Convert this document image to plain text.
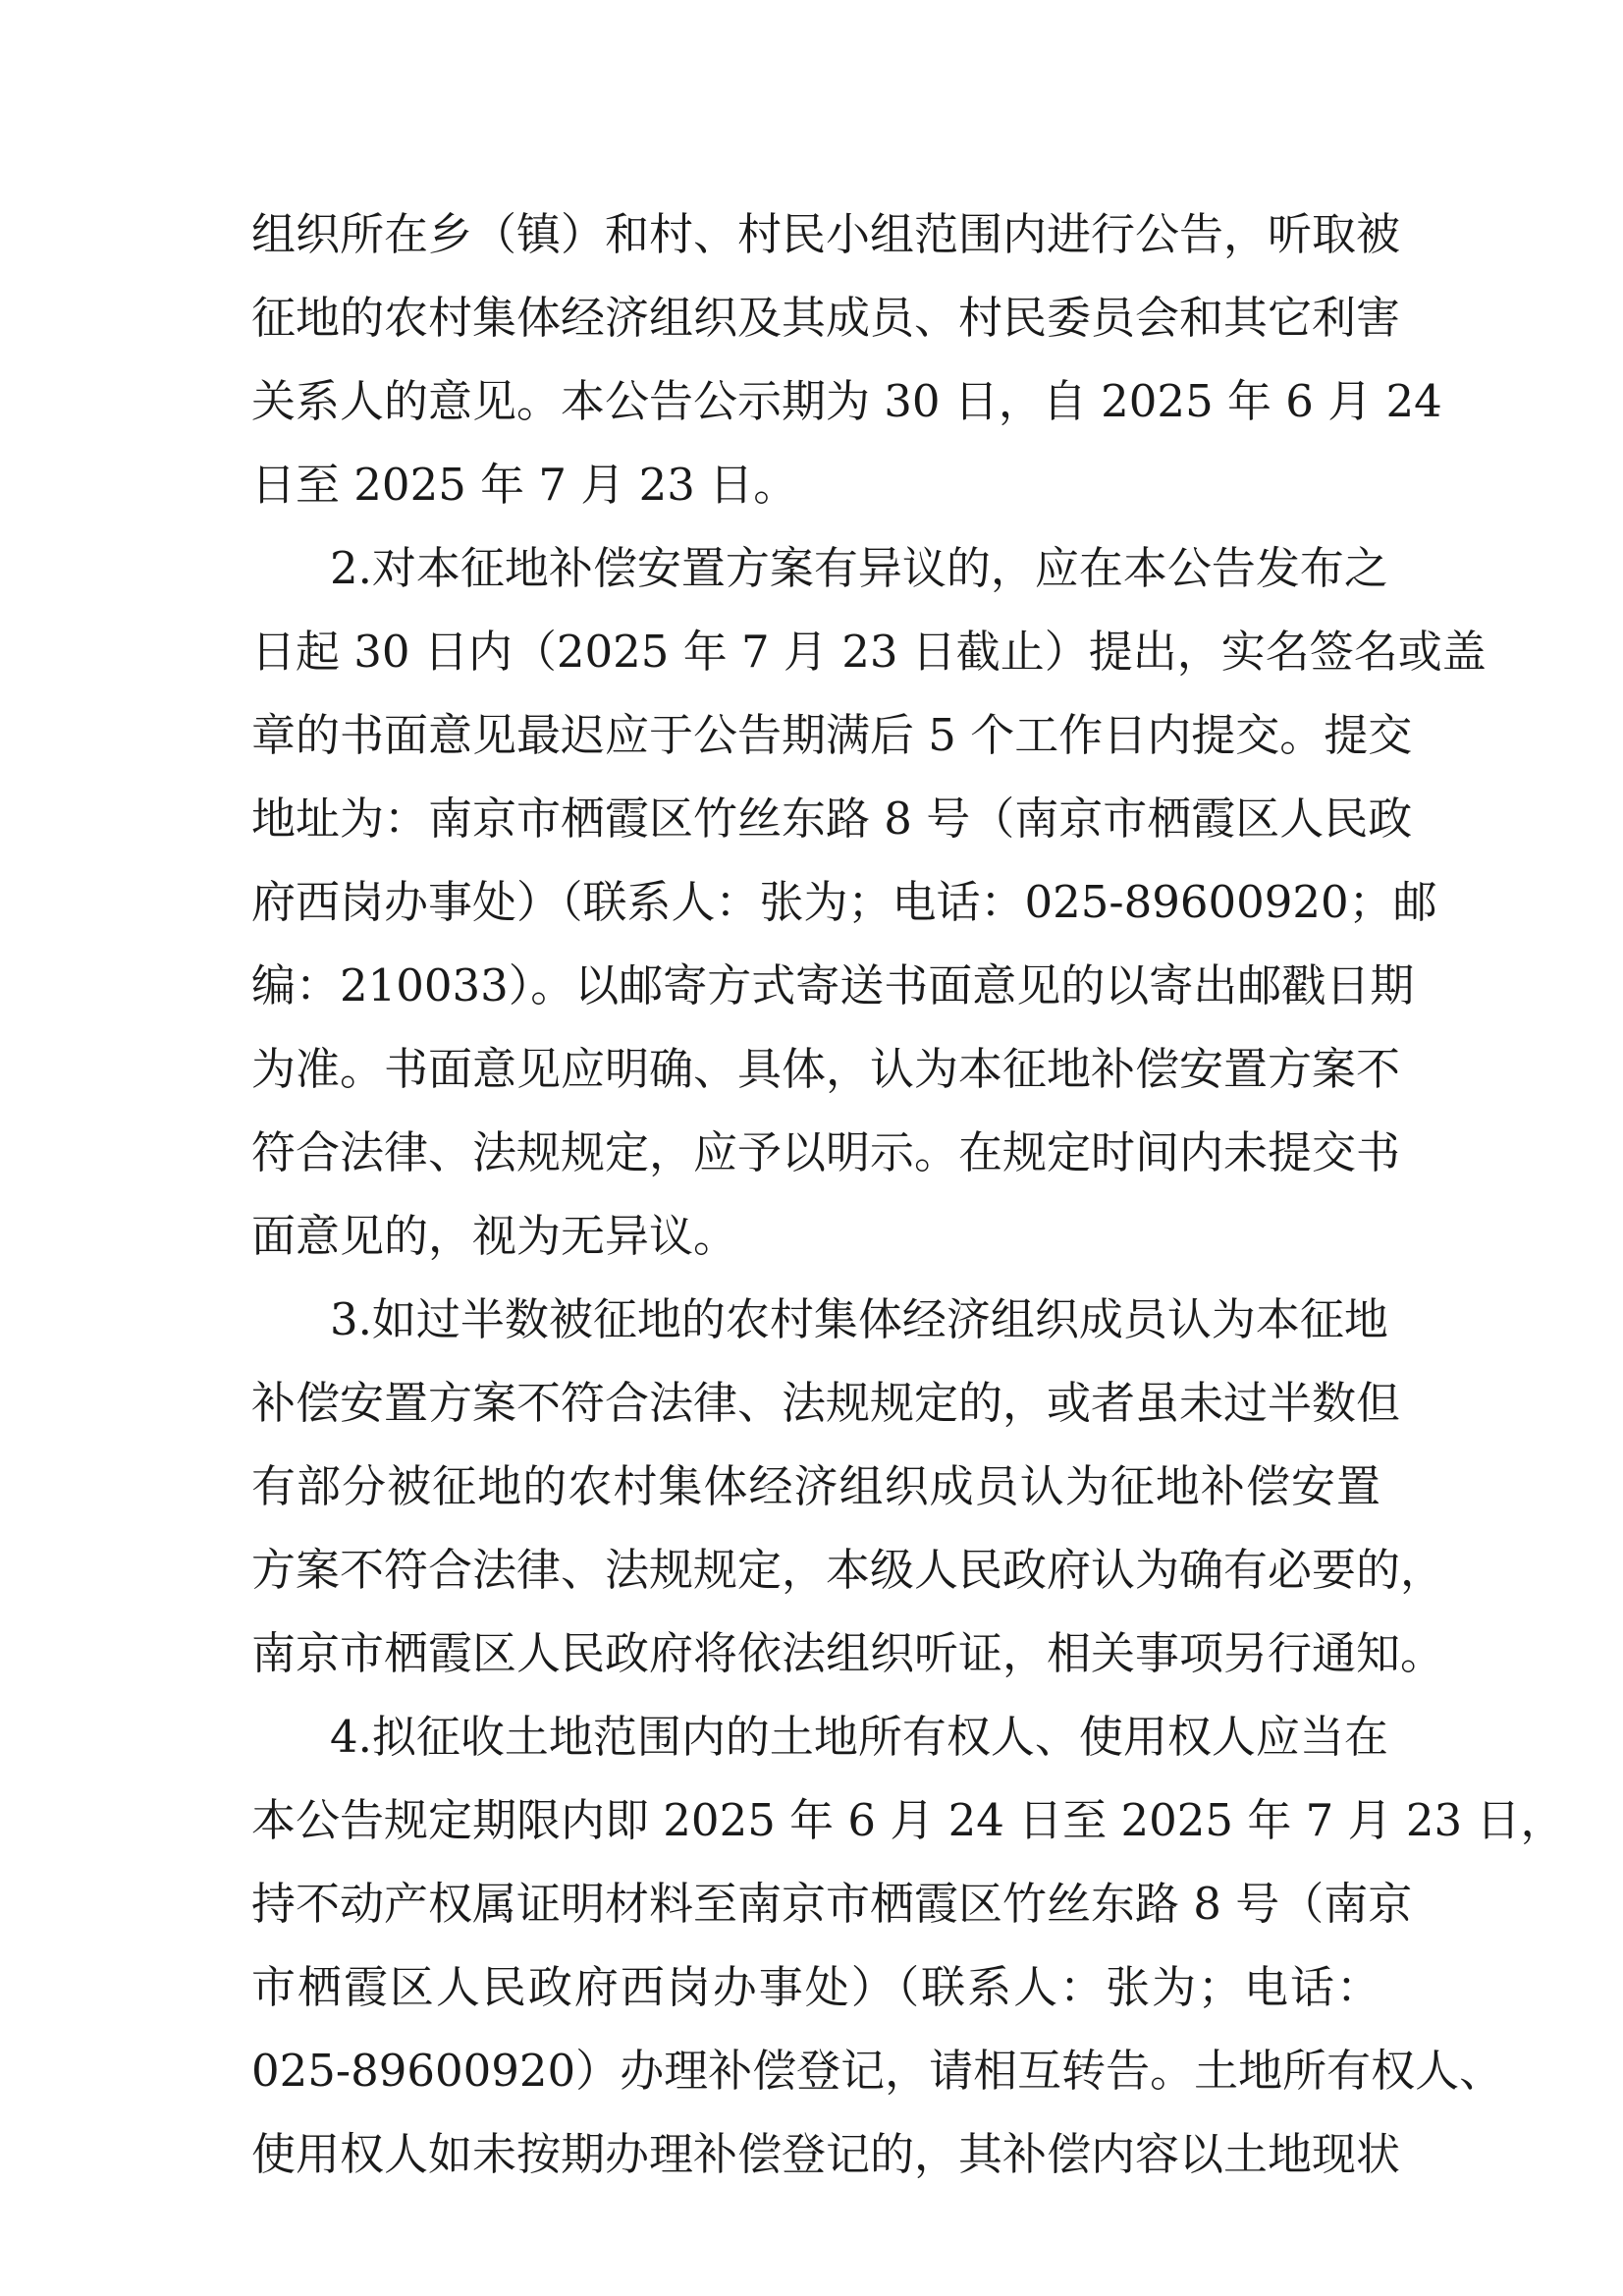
组织所在乡（镇）和村、村民小组范围内进行公告，听取被
征地的农村集体经济组织及其成员、村民委员会和其它利害
关系人的意见。本公告公示期为 30 日，自 2025 年 6 月 24
日至 2025 年 7 月 23 日。
2.对本征地补偿安置方案有异议的，应在本公告发布之
日起 30 日内（2025 年 7 月 23 日截止）提出，实名签名或盖
章的书面意见最迟应于公告期满后 5 个工作日内提交。提交
地址为：南京市栖霞区竹丝东路 8 号（南京市栖霞区人民政
府西岗办事处）（联系人：张为；电话：025-89600920；邮
编：210033）。以邮寄方式寄送书面意见的以寄出邮戳日期
为准。书面意见应明确、具体，认为本征地补偿安置方案不
符合法律、法规规定，应予以明示。在规定时间内未提交书
面意见的，视为无异议。
3.如过半数被征地的农村集体经济组织成员认为本征地
补偿安置方案不符合法律、法规规定的，或者虽未过半数但
有部分被征地的农村集体经济组织成员认为征地补偿安置
方案不符合法律、法规规定，本级人民政府认为确有必要的，
南京市栖霞区人民政府将依法组织听证，相关事项另行通知。
4.拟征收土地范围内的土地所有权人、使用权人应当在
本公告规定期限内即 2025 年 6 月 24 日至 2025 年 7 月 23 日，
持不动产权属证明材料至南京市栖霞区竹丝东路 8 号（南京
市栖霞区人民政府西岗办事处）（联系人：张为；电话：
025-89600920）办理补偿登记，请相互转告。土地所有权人、
使用权人如未按期办理补偿登记的，其补偿内容以土地现状
